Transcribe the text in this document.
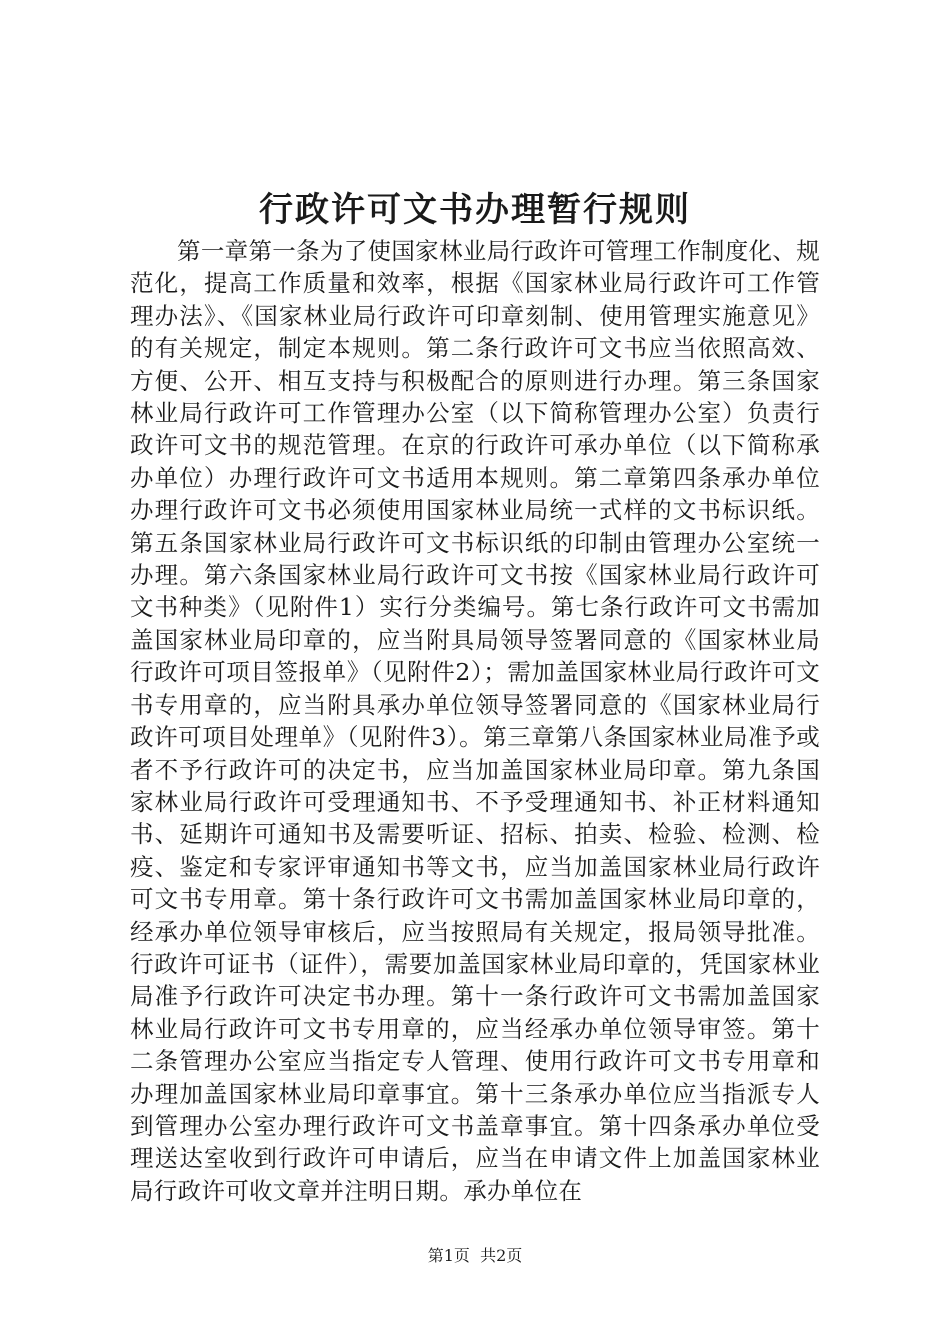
行政许可文书办理暂行规则

第一章第一条为了使国家林业局行政许可管理工作制度化、规范化，提高工作质量和效率，根据《国家林业局行政许可工作管理办法》、《国家林业局行政许可印章刻制、使用管理实施意见》的有关规定，制定本规则。第二条行政许可文书应当依照高效、方便、公开、相互支持与积极配合的原则进行办理。第三条国家林业局行政许可工作管理办公室（以下简称管理办公室）负责行政许可文书的规范管理。在京的行政许可承办单位（以下简称承办单位）办理行政许可文书适用本规则。第二章第四条承办单位办理行政许可文书必须使用国家林业局统一式样的文书标识纸。第五条国家林业局行政许可文书标识纸的印制由管理办公室统一办理。第六条国家林业局行政许可文书按《国家林业局行政许可文书种类》（见附件1）实行分类编号。第七条行政许可文书需加盖国家林业局印章的，应当附具局领导签署同意的《国家林业局行政许可项目签报单》（见附件2）；需加盖国家林业局行政许可文书专用章的，应当附具承办单位领导签署同意的《国家林业局行政许可项目处理单》（见附件3）。第三章第八条国家林业局准予或者不予行政许可的决定书，应当加盖国家林业局印章。第九条国家林业局行政许可受理通知书、不予受理通知书、补正材料通知书、延期许可通知书及需要听证、招标、拍卖、检验、检测、检疫、鉴定和专家评审通知书等文书，应当加盖国家林业局行政许可文书专用章。第十条行政许可文书需加盖国家林业局印章的，经承办单位领导审核后，应当按照局有关规定，报局领导批准。行政许可证书（证件），需要加盖国家林业局印章的，凭国家林业局准予行政许可决定书办理。第十一条行政许可文书需加盖国家林业局行政许可文书专用章的，应当经承办单位领导审签。第十二条管理办公室应当指定专人管理、使用行政许可文书专用章和办理加盖国家林业局印章事宜。第十三条承办单位应当指派专人到管理办公室办理行政许可文书盖章事宜。第十四条承办单位受理送达室收到行政许可申请后，应当在申请文件上加盖国家林业局行政许可收文章并注明日期。承办单位在

第1页  共2页
